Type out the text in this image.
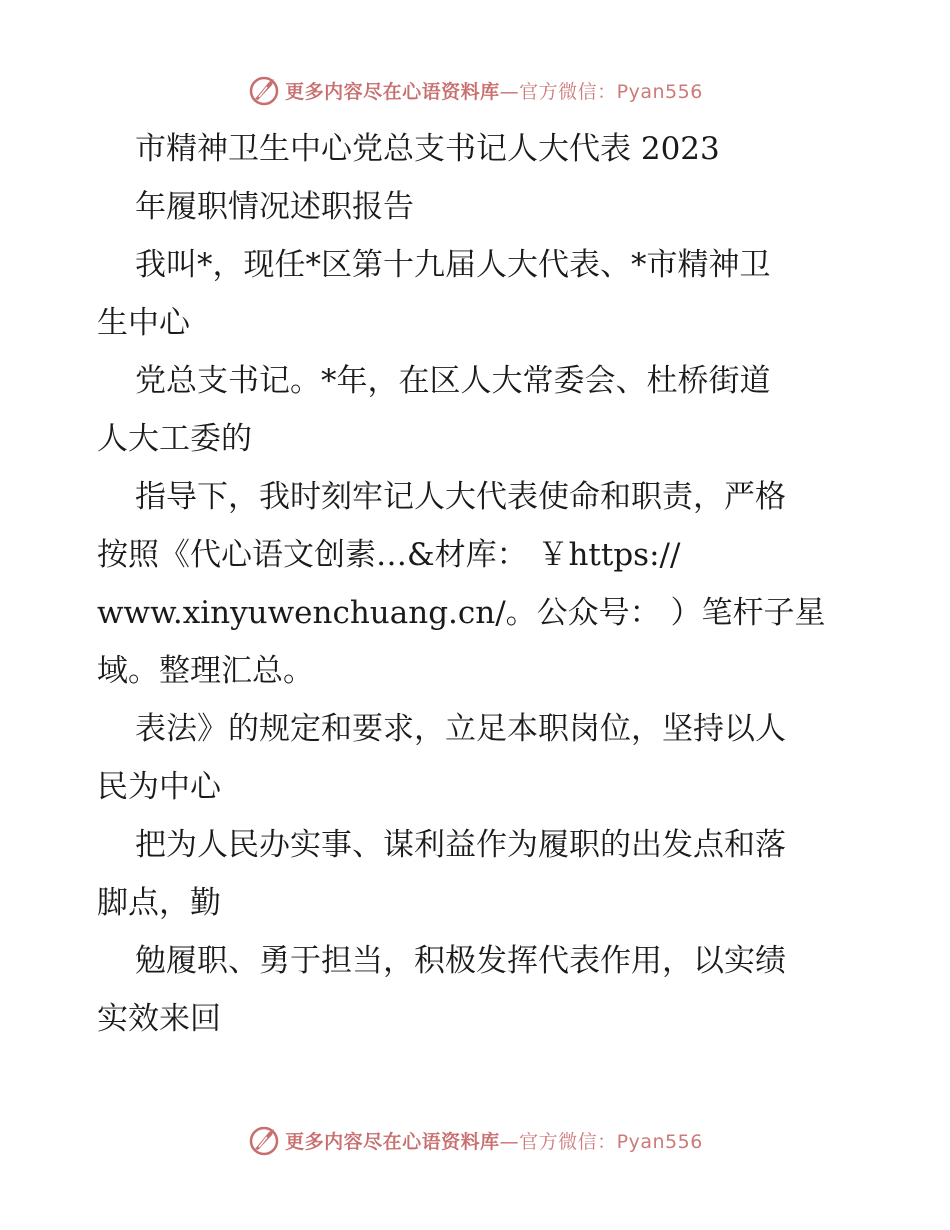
更多内容尽在心语资料库—官方微信：Pyan556
市精神卫生中心党总支书记人大代表 2023
年履职情况述职报告
我叫*，现任*区第十九届人大代表、*市精神卫
生中心
党总支书记。*年，在区人大常委会、杜桥街道
人大工委的
指导下，我时刻牢记人大代表使命和职责，严格
按照《代心语文创素…&材库： ￥https://
www.xinyuwenchuang.cn/。公众号： ）笔杆子星
域。整理汇总。
表法》的规定和要求，立足本职岗位，坚持以人
民为中心
把为人民办实事、谋利益作为履职的出发点和落
脚点，勤
勉履职、勇于担当，积极发挥代表作用，以实绩
实效来回
更多内容尽在心语资料库—官方微信：Pyan556
